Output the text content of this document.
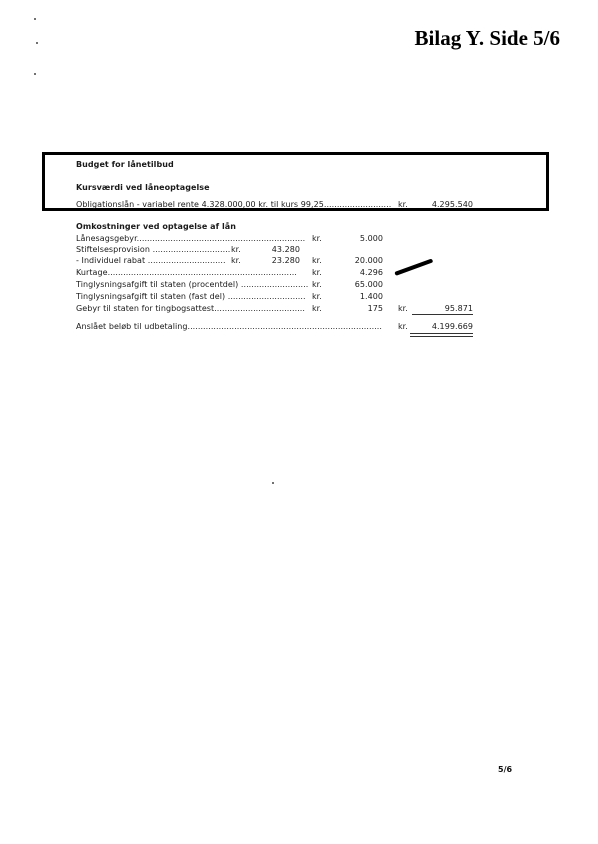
Bilag Y. Side 5/6
Budget for lånetilbud
Kursværdi ved låneoptagelse
Obligationslån - variabel rente 4.328.000,00 kr. til kurs 99,25.......................... kr.	4.295.540
Omkostninger ved optagelse af lån
Lånesagsgebyr................................................................. kr.	5.000
Stiftelsesprovision .............................. kr.	43.280
- Individuel rabat .............................. kr.	23.280 kr.	20.000
Kurtage......................................................................... kr.	4.296
Tinglysningsafgift til staten (procentdel) .......................... kr.	65.000
Tinglysningsafgift til staten (fast del) .............................. kr.	1.400
Gebyr til staten for tingbogsattest................................... kr.	175 kr.	95.871
Anslået beløb til udbetaling........................................................................... kr.	4.199.669
5/6
